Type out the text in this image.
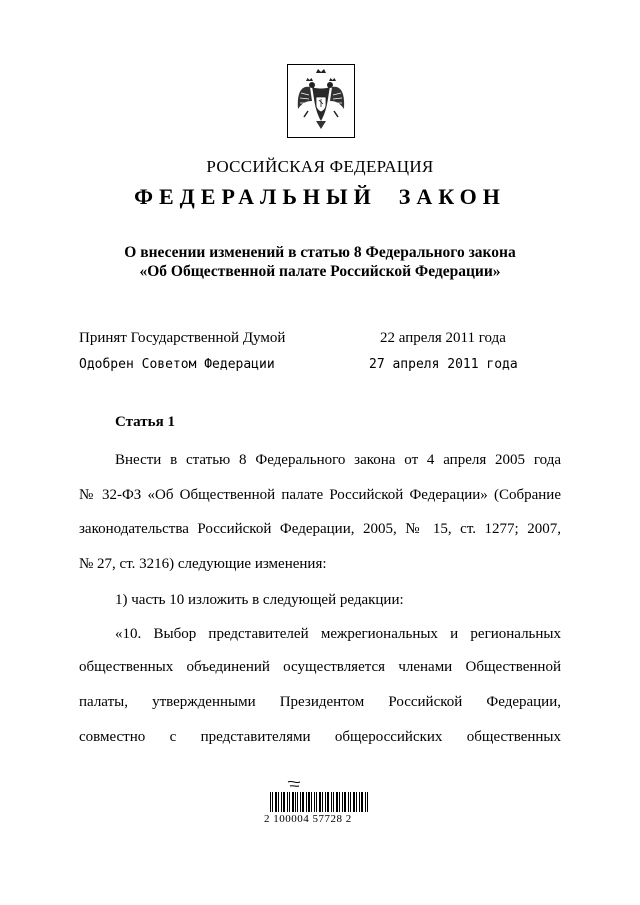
РОССИЙСКАЯ ФЕДЕРАЦИЯ
ФЕДЕРАЛЬНЫЙ ЗАКОН
О внесении изменений в статью 8 Федерального закона
«Об Общественной палате Российской Федерации»
Принят Государственной Думой	22 апреля 2011 года
Одобрен Советом Федерации	27 апреля 2011 года
Статья 1
Внести в статью 8 Федерального закона от 4 апреля 2005 года
№ 32-ФЗ «Об Общественной палате Российской Федерации» (Собрание
законодательства Российской Федерации, 2005, № 15, ст. 1277; 2007,
№ 27, ст. 3216) следующие изменения:
1) часть 10 изложить в следующей редакции:
«10. Выбор представителей межрегиональных и региональных
общественных объединений осуществляется членами Общественной
палаты, утвержденными Президентом Российской Федерации,
совместно с представителями общероссийских общественных
2 100004 57728 2
